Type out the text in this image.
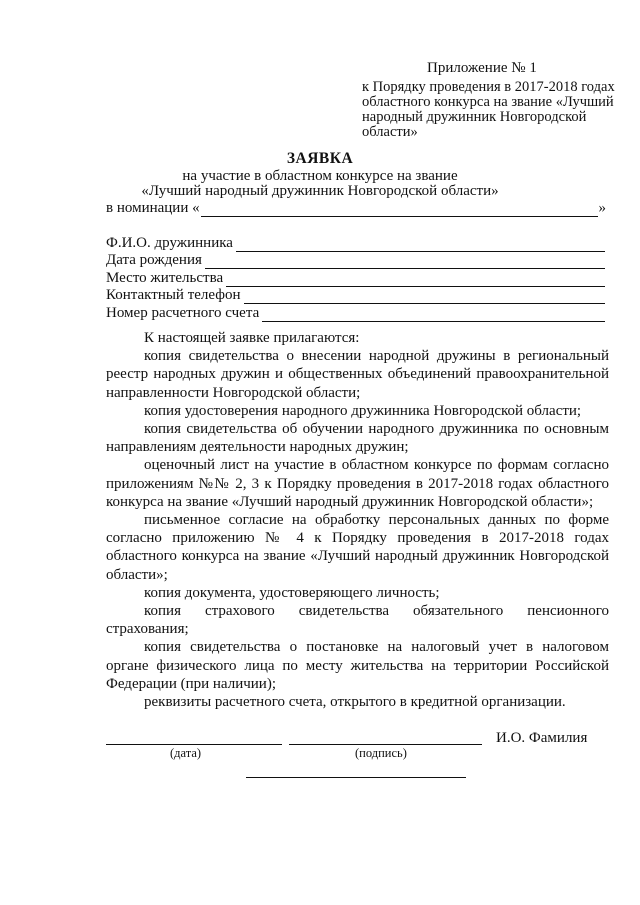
Приложение № 1
к Порядку проведения в 2017-2018 годах областного конкурса на звание «Лучший народный дружинник Новгородской области»
ЗАЯВКА
на участие в областном конкурсе на звание
«Лучший народный дружинник Новгородской области»
в номинации «	»
Ф.И.О. дружинника
Дата рождения
Место жительства
Контактный телефон
Номер расчетного счета

К настоящей заявке прилагаются:

копия свидетельства о внесении народной дружины в региональный реестр народных дружин и общественных объединений правоохранительной направленности Новгородской области;

копия удостоверения народного дружинника Новгородской области;

копия свидетельства об обучении народного дружинника по основным направлениям деятельности народных дружин;

оценочный лист на участие в областном конкурсе по формам согласно приложениям №№ 2, 3 к Порядку проведения в 2017-2018 годах областного конкурса на звание «Лучший народный дружинник Новгородской области»;

письменное согласие на обработку персональных данных по форме согласно приложению № 4 к Порядку проведения в 2017-2018 годах областного конкурса на звание «Лучший народный дружинник Новгородской области»;

копия документа, удостоверяющего личность;

копия страхового свидетельства обязательного пенсионного страхования;

копия свидетельства о постановке на налоговый учет в налоговом органе физического лица по месту жительства на территории Российской Федерации (при наличии);

реквизиты расчетного счета, открытого в кредитной организации.

И.О. Фамилия
(дата)	(подпись)
